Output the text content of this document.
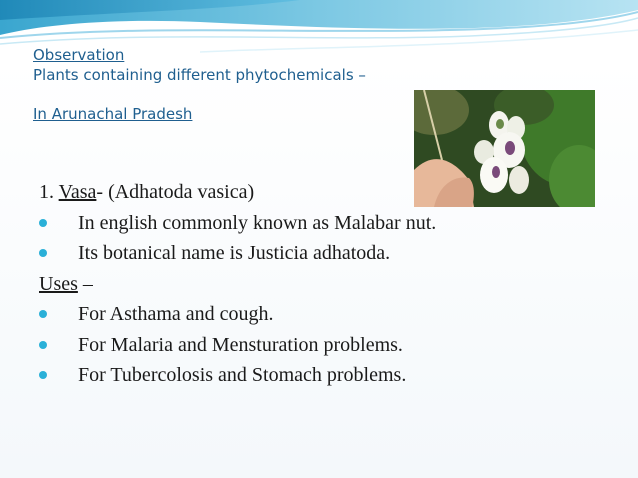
Observation
Plants containing different phytochemicals –
In Arunachal Pradesh
1. Vasa- (Adhatoda vasica)
In english commonly known as Malabar nut.
Its botanical name is Justicia adhatoda.
Uses –
For Asthama and cough.
For Malaria and Mensturation problems.
For Tubercolosis and Stomach problems.
